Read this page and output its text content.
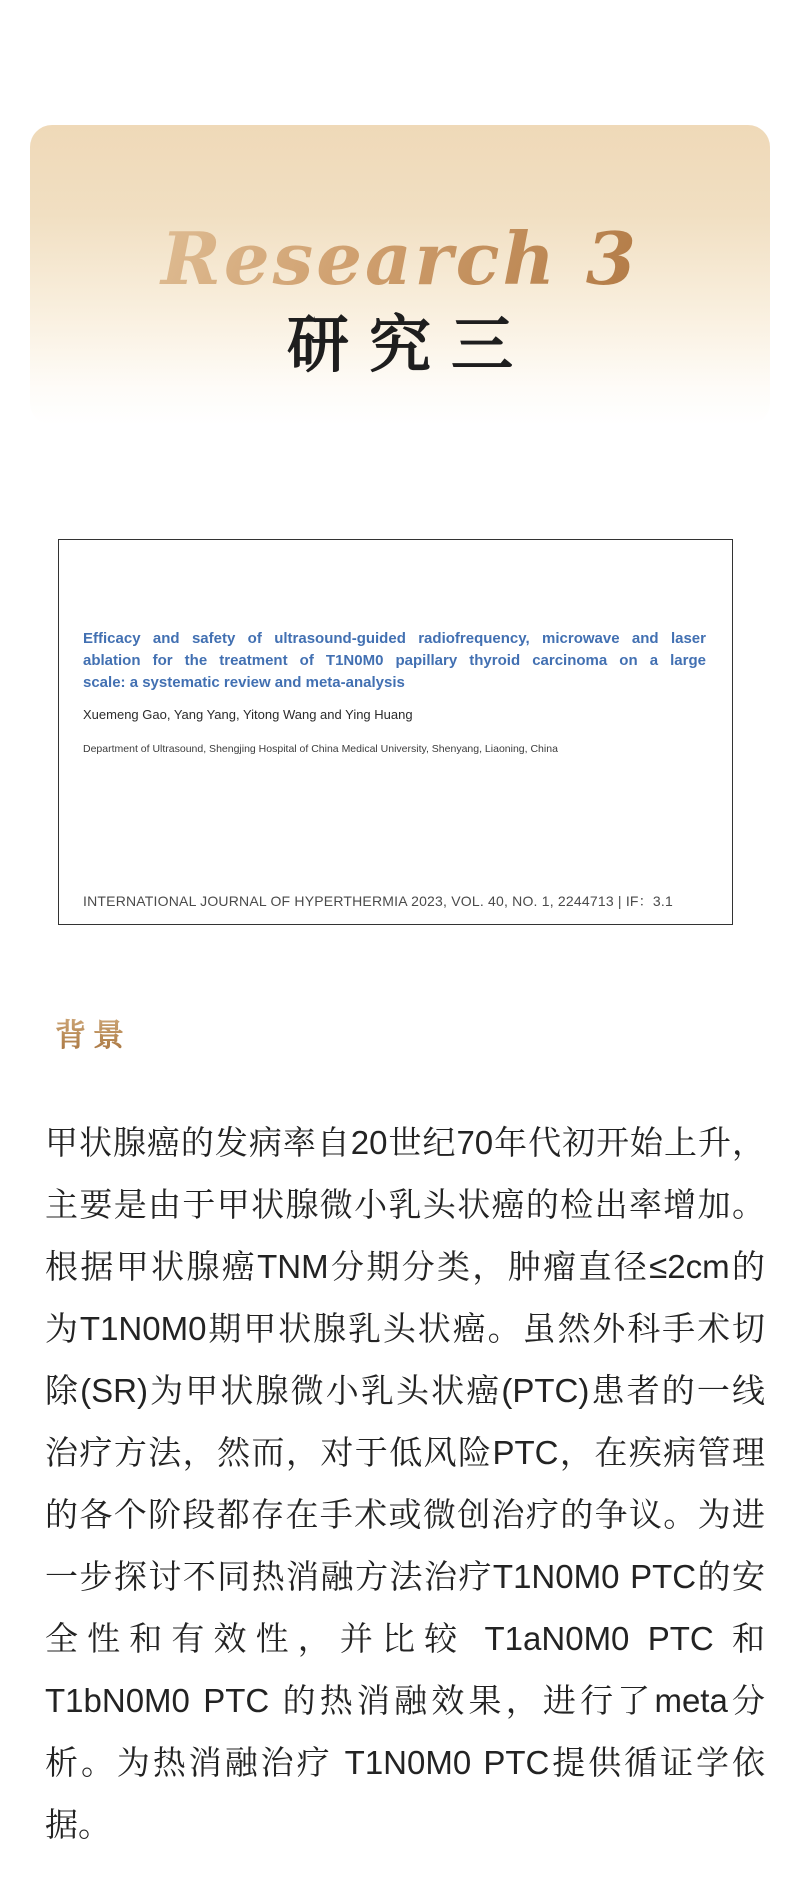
Research 3
研究三
Efficacy and safety of ultrasound-guided radiofrequency, microwave and laser
ablation for the treatment of T1N0M0 papillary thyroid carcinoma on a large
scale: a systematic review and meta-analysis
Xuemeng Gao, Yang Yang, Yitong Wang and Ying Huang
Department of Ultrasound, Shengjing Hospital of China Medical University, Shenyang, Liaoning, China
INTERNATIONAL JOURNAL OF HYPERTHERMIA 2023, VOL. 40, NO. 1, 2244713 | IF：3.1
背景
甲状腺癌的发病率自20世纪70年代初开始上升，
主要是由于甲状腺微小乳头状癌的检出率增加。
根据甲状腺癌TNM分期分类，肿瘤直径≤2cm的
为T1N0M0期甲状腺乳头状癌。虽然外科手术切
除(SR)为甲状腺微小乳头状癌(PTC)患者的一线
治疗方法，然而，对于低风险PTC，在疾病管理
的各个阶段都存在手术或微创治疗的争议。为进
一步探讨不同热消融方法治疗T1N0M0 PTC的安
全性和有效性，并比较 T1aN0M0 PTC 和
T1bN0M0 PTC 的热消融效果，进行了meta分
析。为热消融治疗 T1N0M0 PTC提供循证学依
据。
